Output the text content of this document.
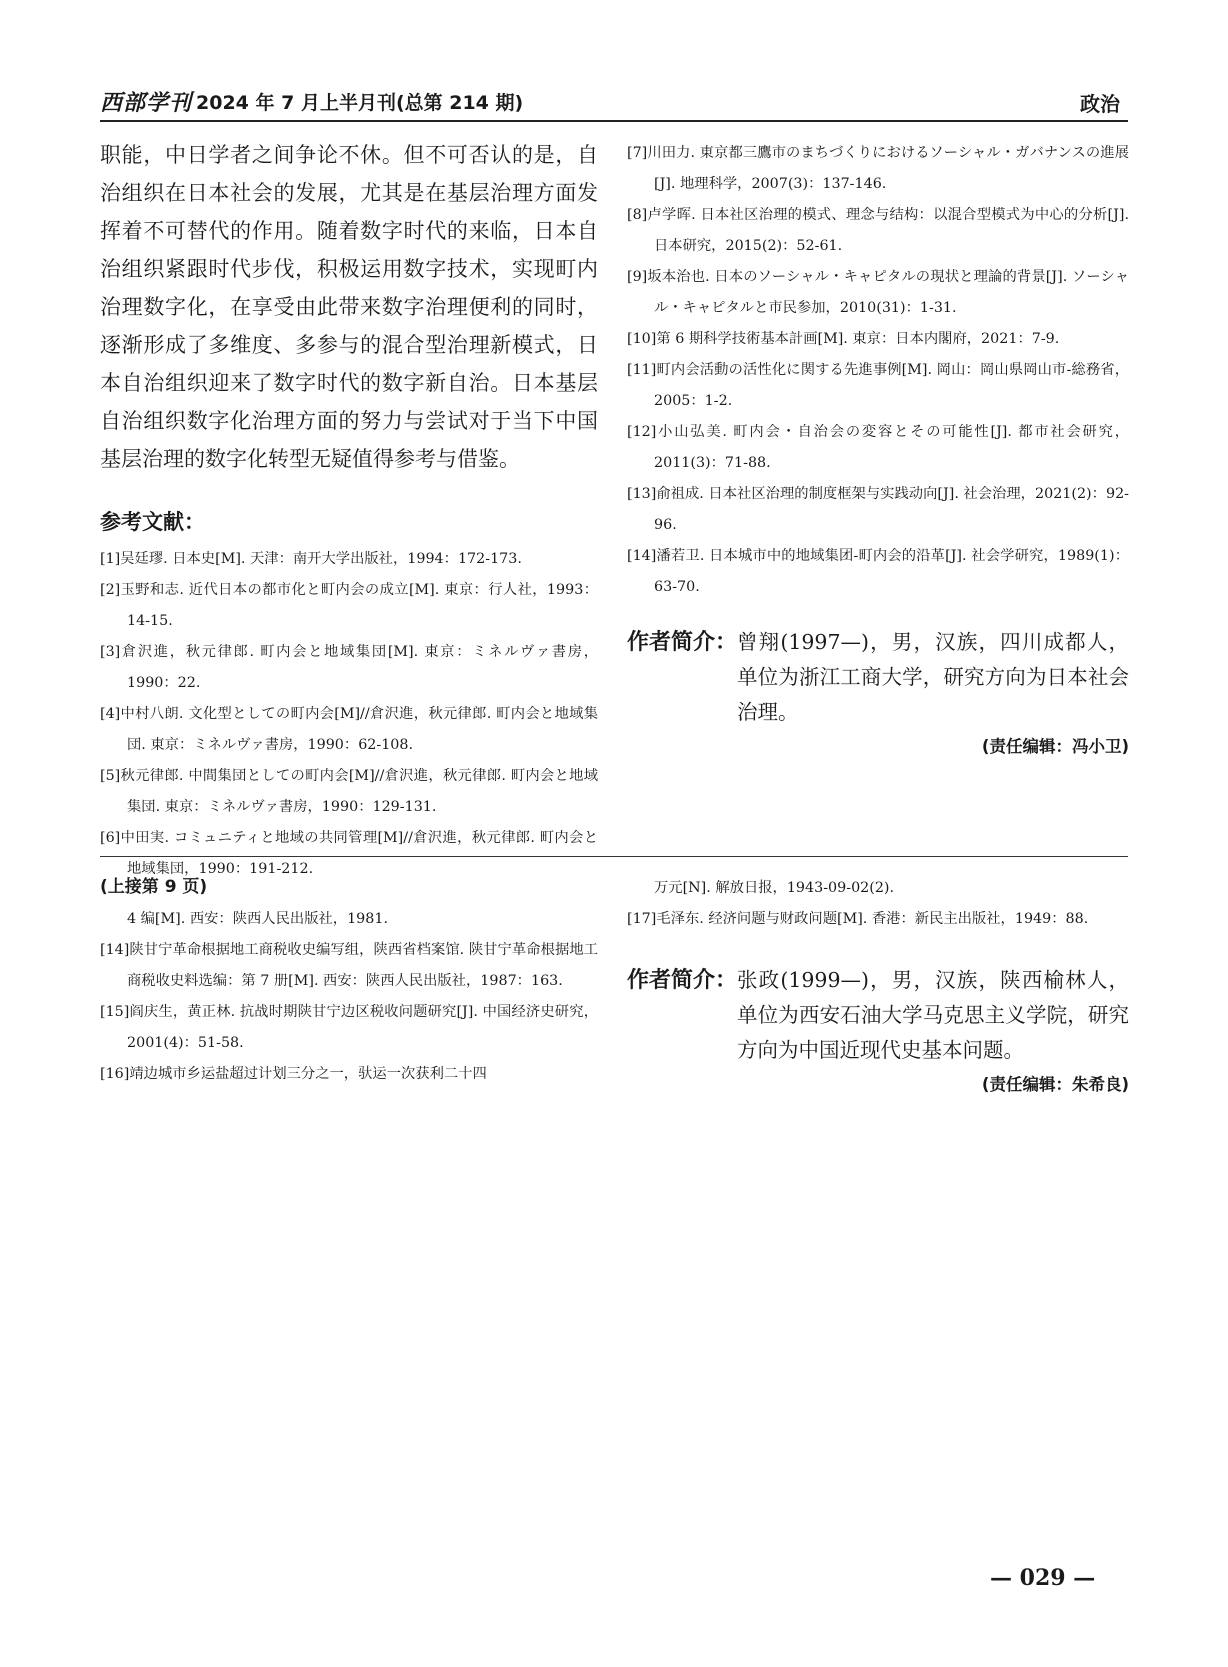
西部学刊 2024 年 7 月上半月刊(总第 214 期)	政治

职能，中日学者之间争论不休。但不可否认的是，自治组织在日本社会的发展，尤其是在基层治理方面发挥着不可替代的作用。随着数字时代的来临，日本自治组织紧跟时代步伐，积极运用数字技术，实现町内治理数字化，在享受由此带来数字治理便利的同时，逐渐形成了多维度、多参与的混合型治理新模式，日本自治组织迎来了数字时代的数字新自治。日本基层自治组织数字化治理方面的努力与尝试对于当下中国基层治理的数字化转型无疑值得参考与借鉴。

参考文献：

[1]吴廷璆. 日本史[M]. 天津：南开大学出版社，1994：172-173.

[2]玉野和志. 近代日本の都市化と町内会の成立[M]. 東京：行人社，1993：14-15.

[3]倉沢進，秋元律郎. 町内会と地域集団[M]. 東京：ミネルヴァ書房，1990：22.

[4]中村八朗. 文化型としての町内会[M]//倉沢進，秋元律郎. 町内会と地域集団. 東京：ミネルヴァ書房，1990：62-108.

[5]秋元律郎. 中間集団としての町内会[M]//倉沢進，秋元律郎. 町内会と地域集団. 東京：ミネルヴァ書房，1990：129-131.

[6]中田実. コミュニティと地域の共同管理[M]//倉沢進，秋元律郎. 町内会と地域集団，1990：191-212.

[7]川田力. 東京都三鷹市のまちづくりにおけるソーシャル・ガバナンスの進展[J]. 地理科学，2007(3)：137-146.

[8]卢学晖. 日本社区治理的模式、理念与结构：以混合型模式为中心的分析[J]. 日本研究，2015(2)：52-61.

[9]坂本治也. 日本のソーシャル・キャピタルの現状と理論的背景[J]. ソーシャル・キャピタルと市民参加，2010(31)：1-31.

[10]第 6 期科学技術基本計画[M]. 東京：日本内閣府，2021：7-9.

[11]町内会活動の活性化に関する先進事例[M]. 岡山：岡山県岡山市-総務省，2005：1-2.

[12]小山弘美. 町内会・自治会の変容とその可能性[J]. 都市社会研究，2011(3)：71-88.

[13]俞祖成. 日本社区治理的制度框架与实践动向[J]. 社会治理，2021(2)：92-96.

[14]潘若卫. 日本城市中的地域集团-町内会的沿革[J]. 社会学研究，1989(1)：63-70.

作者简介： 曾翔(1997—)，男，汉族，四川成都人，单位为浙江工商大学，研究方向为日本社会治理。
(责任编辑：冯小卫)
(上接第 9 页)

4 编[M]. 西安：陕西人民出版社，1981.

[14]陕甘宁革命根据地工商税收史编写组，陕西省档案馆. 陕甘宁革命根据地工商税收史料选编：第 7 册[M]. 西安：陕西人民出版社，1987：163.

[15]阎庆生，黄正林. 抗战时期陕甘宁边区税收问题研究[J]. 中国经济史研究，2001(4)：51-58.

[16]靖边城市乡运盐超过计划三分之一，驮运一次获利二十四

万元[N]. 解放日报，1943-09-02(2).

[17]毛泽东. 经济问题与财政问题[M]. 香港：新民主出版社，1949：88.

作者简介： 张政(1999—)，男，汉族，陕西榆林人，单位为西安石油大学马克思主义学院，研究方向为中国近现代史基本问题。
(责任编辑：朱希良)
— 029 —
